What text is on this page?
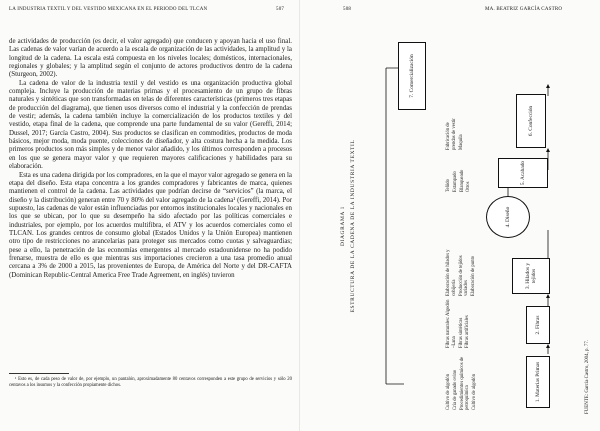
LA INDUSTRIA TEXTIL Y DEL VESTIDO MEXICANA EN EL PERIODO DEL TLCAN	507

de actividades de producción (es decir, el valor agregado) que conducen y apoyan hacia el uso final. Las cadenas de valor varían de acuerdo a la escala de organización de las actividades, la amplitud y la longitud de la cadena. La escala está compuesta en los niveles locales; domésticos, internacionales, regionales y globales; y la amplitud según el conjunto de actores productivos dentro de la cadena (Sturgeon, 2002).

La cadena de valor de la industria textil y del vestido es una organización productiva global compleja. Incluye la producción de materias primas y el procesamiento de un grupo de fibras naturales y sintéticas que son transformadas en telas de diferentes características (primeros tres etapas de producción del diagrama), que tienen usos diversos como el industrial y la confección de prendas de vestir; además, la cadena también incluye la comercialización de los productos textiles y del vestido, etapa final de la cadena, que comprende una parte fundamental de su valor (Gereffi, 2014; Dussel, 2017; García Castro, 2004). Sus productos se clasifican en commodities, productos de moda básicos, mejor moda, moda puente, colecciones de diseñador, y alta costura hecha a la medida. Los primeros productos son más simples y de menor valor añadido, y los últimos corresponden a procesos en los que se genera mayor valor y que requieren mayores calificaciones y habilidades para su elaboración.

Esta es una cadena dirigida por los compradores, en la que el mayor valor agregado se genera en la etapa del diseño. Esta etapa concentra a los grandes compradores y fabricantes de marca, quienes mantienen el control de la cadena. Las actividades que podrían decirse de “servicios” (la marca, el diseño y la distribución) generan entre 70 y 80% del valor agregado de la cadena¹ (Gereffi, 2014). Por supuesto, las cadenas de valor están influenciadas por entornos institucionales locales y nacionales en los que se ubican, por lo que su desempeño ha sido afectado por las políticas comerciales e industriales, por ejemplo, por los acuerdos multifibra, el ATV y los acuerdos comerciales como el TLCAN. Los grandes centros de consumo global (Estados Unidos y la Unión Europea) mantienen otro tipo de restricciones no arancelarias para proteger sus mercados como cuotas y salvaguardias; pese a ello, la penetración de las economías emergentes al mercado estadounidense no ha podido frenarse, muestra de ello es que mientras sus importaciones crecieron a una tasa promedio anual cercana a 3% de 2000 a 2015, las provenientes de Europa, de América del Norte y del DR-CAFTA (Dominican Republic-Central America Free Trade Agreement, en inglés) tuvieron

¹ Esto es, de cada peso de valor de, por ejemplo, un pantalón, aproximadamente 80 centavos corresponden a este grupo de servicios y sólo 20 centavos a los insumos y la confección propiamente dichos.
508	MA. BEATRIZ GARCÍA CASTRO
DIAGRAMA 1 ESTRUCTURA DE LA CADENA DE LA INDUSTRIA TEXTIL
1. Materias Primas
2. Fibras
3. Hilados y tejidos
4. Diseño
5. Acabado
6. Confección
7. Comercialización
Cultivo de algodón Cría de ganado ovino Procedimientos químicos de petroquímica Cultivo de algodón
Fibras naturales: Algodón –Lana Fibras sintéticas Fibras artificiales
Elaboración de hilados y cobijería Producción de tejidos variados Elaboración de punto
Teñido Estampado Blanqueado Otros
Fabricación de prendas de vestir Maquila
FUENTE: García Castro, 2004, p. 77.
